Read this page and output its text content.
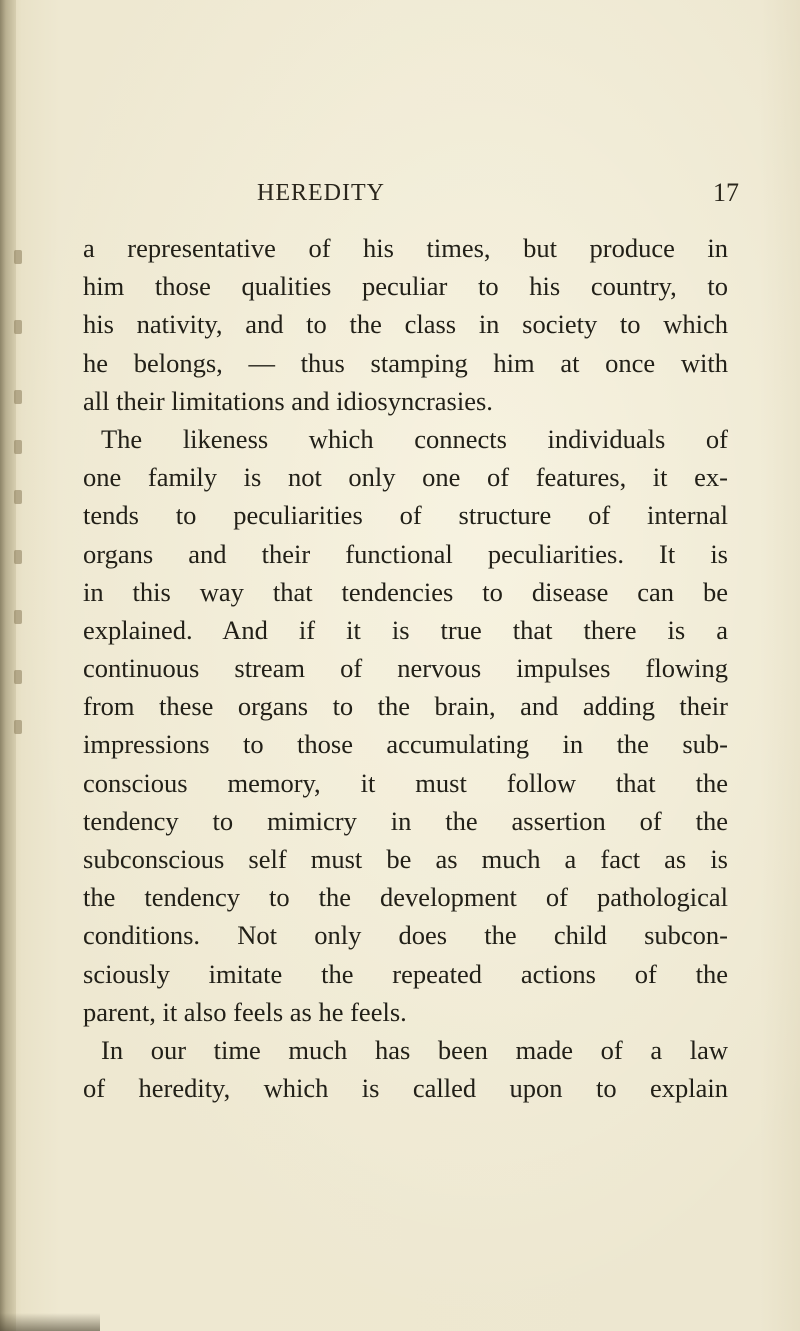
HEREDITY	17
a representative of his times, but produce in
him those qualities peculiar to his country, to
his nativity, and to the class in society to which
he belongs, — thus stamping him at once with
all their limitations and idiosyncrasies.
The likeness which connects individuals of
one family is not only one of features, it ex-
tends to peculiarities of structure of internal
organs and their functional peculiarities. It is
in this way that tendencies to disease can be
explained. And if it is true that there is a
continuous stream of nervous impulses flowing
from these organs to the brain, and adding their
impressions to those accumulating in the sub-
conscious memory, it must follow that the
tendency to mimicry in the assertion of the
subconscious self must be as much a fact as is
the tendency to the development of pathological
conditions. Not only does the child subcon-
sciously imitate the repeated actions of the
parent, it also feels as he feels.
In our time much has been made of a law
of heredity, which is called upon to explain
